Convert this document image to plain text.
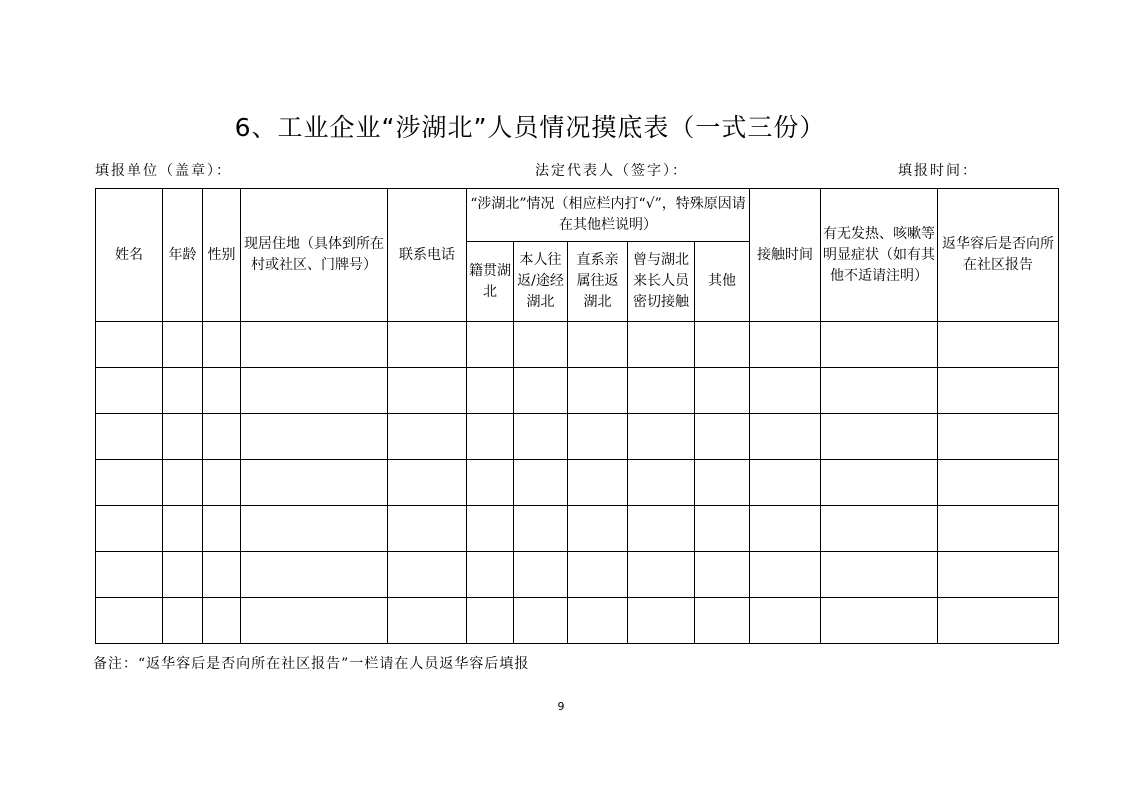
6、工业企业“涉湖北”人员情况摸底表（一式三份）
填报单位（盖章）：	法定代表人（签字）：	填报时间：
姓名	年龄	性别	现居住地（具体到所在村或社区、门牌号）	联系电话	“涉湖北”情况（相应栏内打“√”，特殊原因请在其他栏说明）					接触时间	有无发热、咳嗽等明显症状（如有其他不适请注明）	返华容后是否向所在社区报告
					籍贯湖北	本人往返/途经湖北	直系亲属往返湖北	曾与湖北来长人员密切接触	其他			

备注：“返华容后是否向所在社区报告”一栏请在人员返华容后填报
9
